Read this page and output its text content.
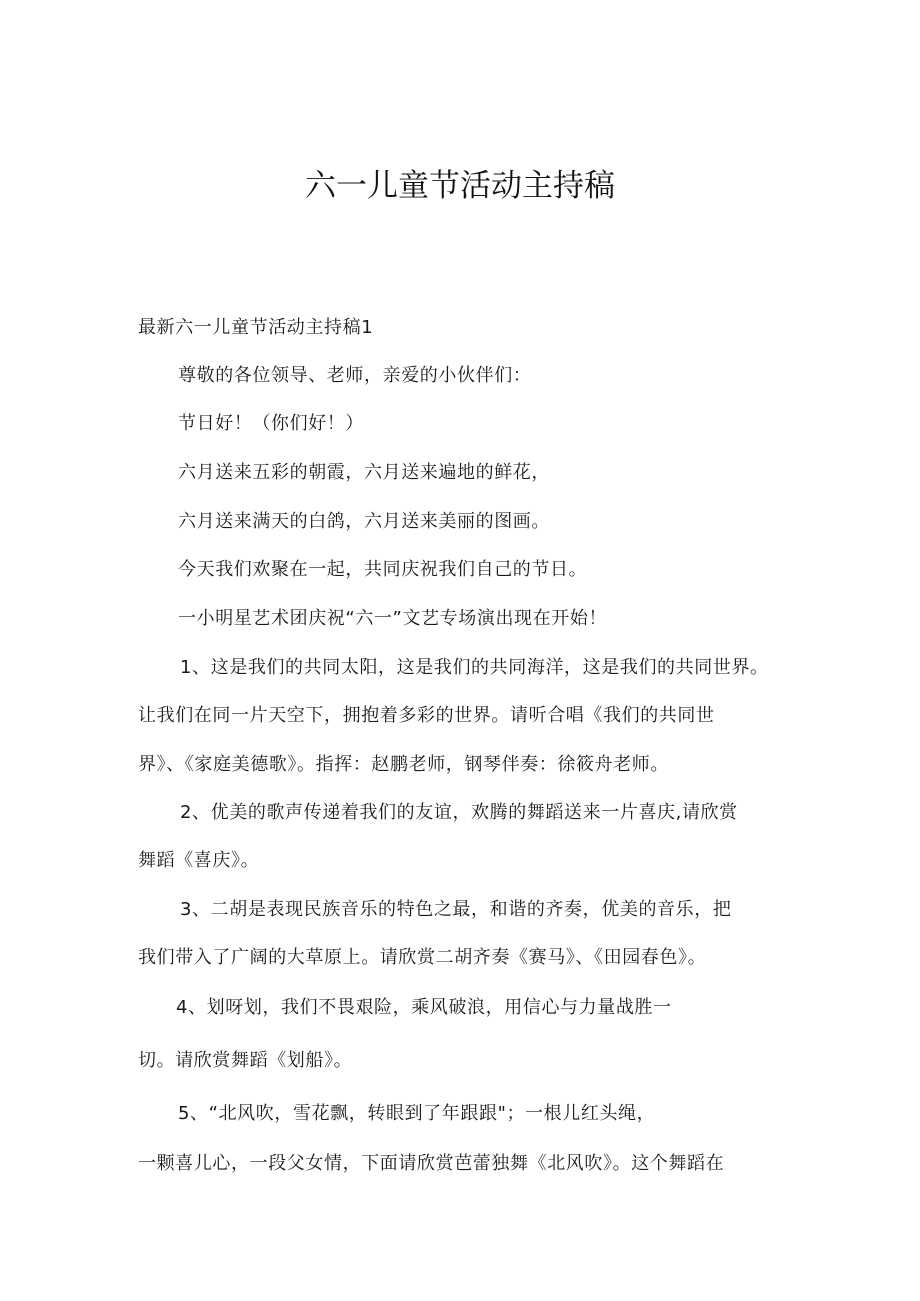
六一儿童节活动主持稿

最新六一儿童节活动主持稿1

尊敬的各位领导、老师，亲爱的小伙伴们：

节日好！（你们好！）

六月送来五彩的朝霞，六月送来遍地的鲜花，

六月送来满天的白鸽，六月送来美丽的图画。

今天我们欢聚在一起，共同庆祝我们自己的节日。

一小明星艺术团庆祝“六一”文艺专场演出现在开始！

1、这是我们的共同太阳，这是我们的共同海洋，这是我们的共同世界。

让我们在同一片天空下，拥抱着多彩的世界。请听合唱《我们的共同世

界》、《家庭美德歌》。指挥：赵鹏老师，钢琴伴奏：徐筱舟老师。

2、优美的歌声传递着我们的友谊，欢腾的舞蹈送来一片喜庆,请欣赏

舞蹈《喜庆》。

3、二胡是表现民族音乐的特色之最，和谐的齐奏，优美的音乐，把

我们带入了广阔的大草原上。请欣赏二胡齐奏《赛马》、《田园春色》。

4、划呀划，我们不畏艰险，乘风破浪，用信心与力量战胜一

切。请欣赏舞蹈《划船》。

5、“北风吹，雪花飘，转眼到了年跟跟"；一根儿红头绳，

一颗喜儿心，一段父女情，下面请欣赏芭蕾独舞《北风吹》。这个舞蹈在
